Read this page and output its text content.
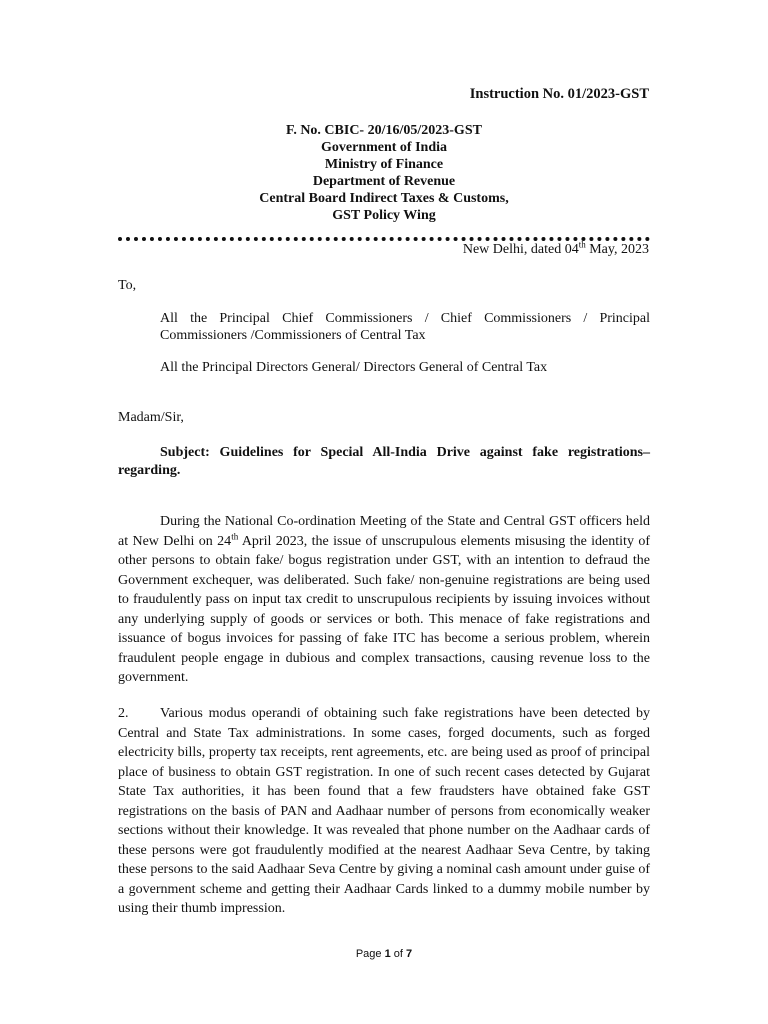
Instruction No. 01/2023-GST
F. No. CBIC- 20/16/05/2023-GST
Government of India
Ministry of Finance
Department of Revenue
Central Board Indirect Taxes & Customs,
GST Policy Wing
New Delhi, dated 04th May, 2023
To,
All the Principal Chief Commissioners / Chief Commissioners / Principal Commissioners /Commissioners of Central Tax
All the Principal Directors General/ Directors General of Central Tax
Madam/Sir,
Subject: Guidelines for Special All-India Drive against fake registrations– regarding.
During the National Co-ordination Meeting of the State and Central GST officers held at New Delhi on 24th April 2023, the issue of unscrupulous elements misusing the identity of other persons to obtain fake/ bogus registration under GST, with an intention to defraud the Government exchequer, was deliberated. Such fake/ non-genuine registrations are being used to fraudulently pass on input tax credit to unscrupulous recipients by issuing invoices without any underlying supply of goods or services or both. This menace of fake registrations and issuance of bogus invoices for passing of fake ITC has become a serious problem, wherein fraudulent people engage in dubious and complex transactions, causing revenue loss to the government.
2. Various modus operandi of obtaining such fake registrations have been detected by Central and State Tax administrations. In some cases, forged documents, such as forged electricity bills, property tax receipts, rent agreements, etc. are being used as proof of principal place of business to obtain GST registration. In one of such recent cases detected by Gujarat State Tax authorities, it has been found that a few fraudsters have obtained fake GST registrations on the basis of PAN and Aadhaar number of persons from economically weaker sections without their knowledge. It was revealed that phone number on the Aadhaar cards of these persons were got fraudulently modified at the nearest Aadhaar Seva Centre, by taking these persons to the said Aadhaar Seva Centre by giving a nominal cash amount under guise of a government scheme and getting their Aadhaar Cards linked to a dummy mobile number by using their thumb impression.
Page 1 of 7
